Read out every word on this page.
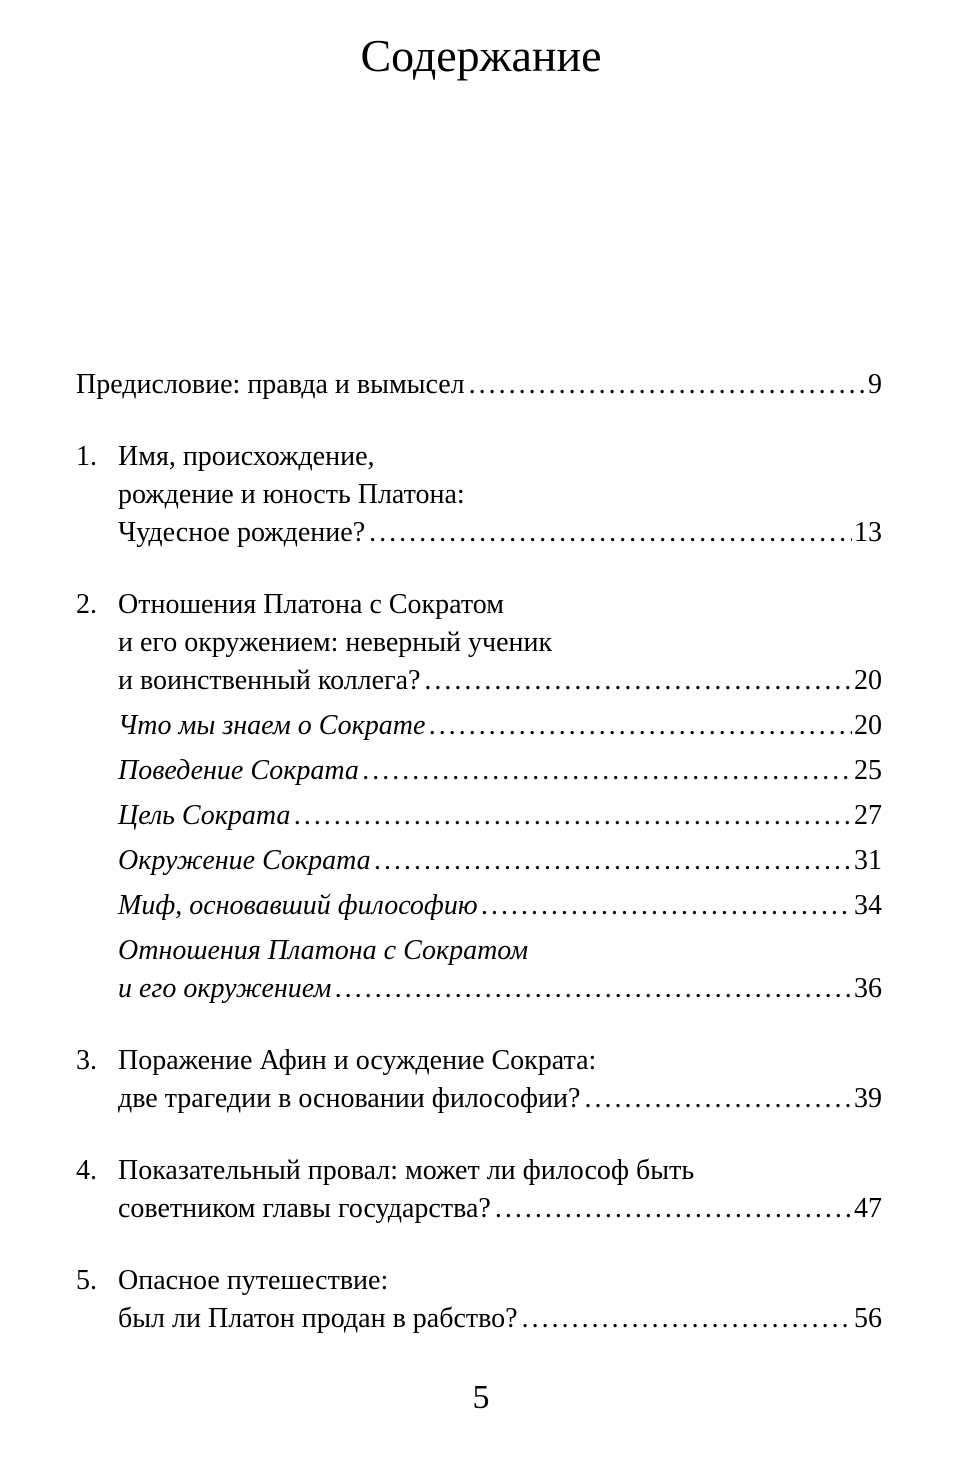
Содержание
Предисловие: правда и вымысел . . .	9
1. Имя, происхождение,
рождение и юность Платона:
Чудесное рождение? . . .	13
2. Отношения Платона с Сократом
и его окружением: неверный ученик
и воинственный коллега? . . .	20
Что мы знаем о Сократе . . .	20
Поведение Сократа . . .	25
Цель Сократа . . .	27
Окружение Сократа . . .	31
Миф, основавший философию . . .	34
Отношения Платона с Сократом
и его окружением . . .	36
3. Поражение Афин и осуждение Сократа:
две трагедии в основании философии? . . .	39
4. Показательный провал: может ли философ быть
советником главы государства? . . .	47
5. Опасное путешествие:
был ли Платон продан в рабство? . . .	56
5
